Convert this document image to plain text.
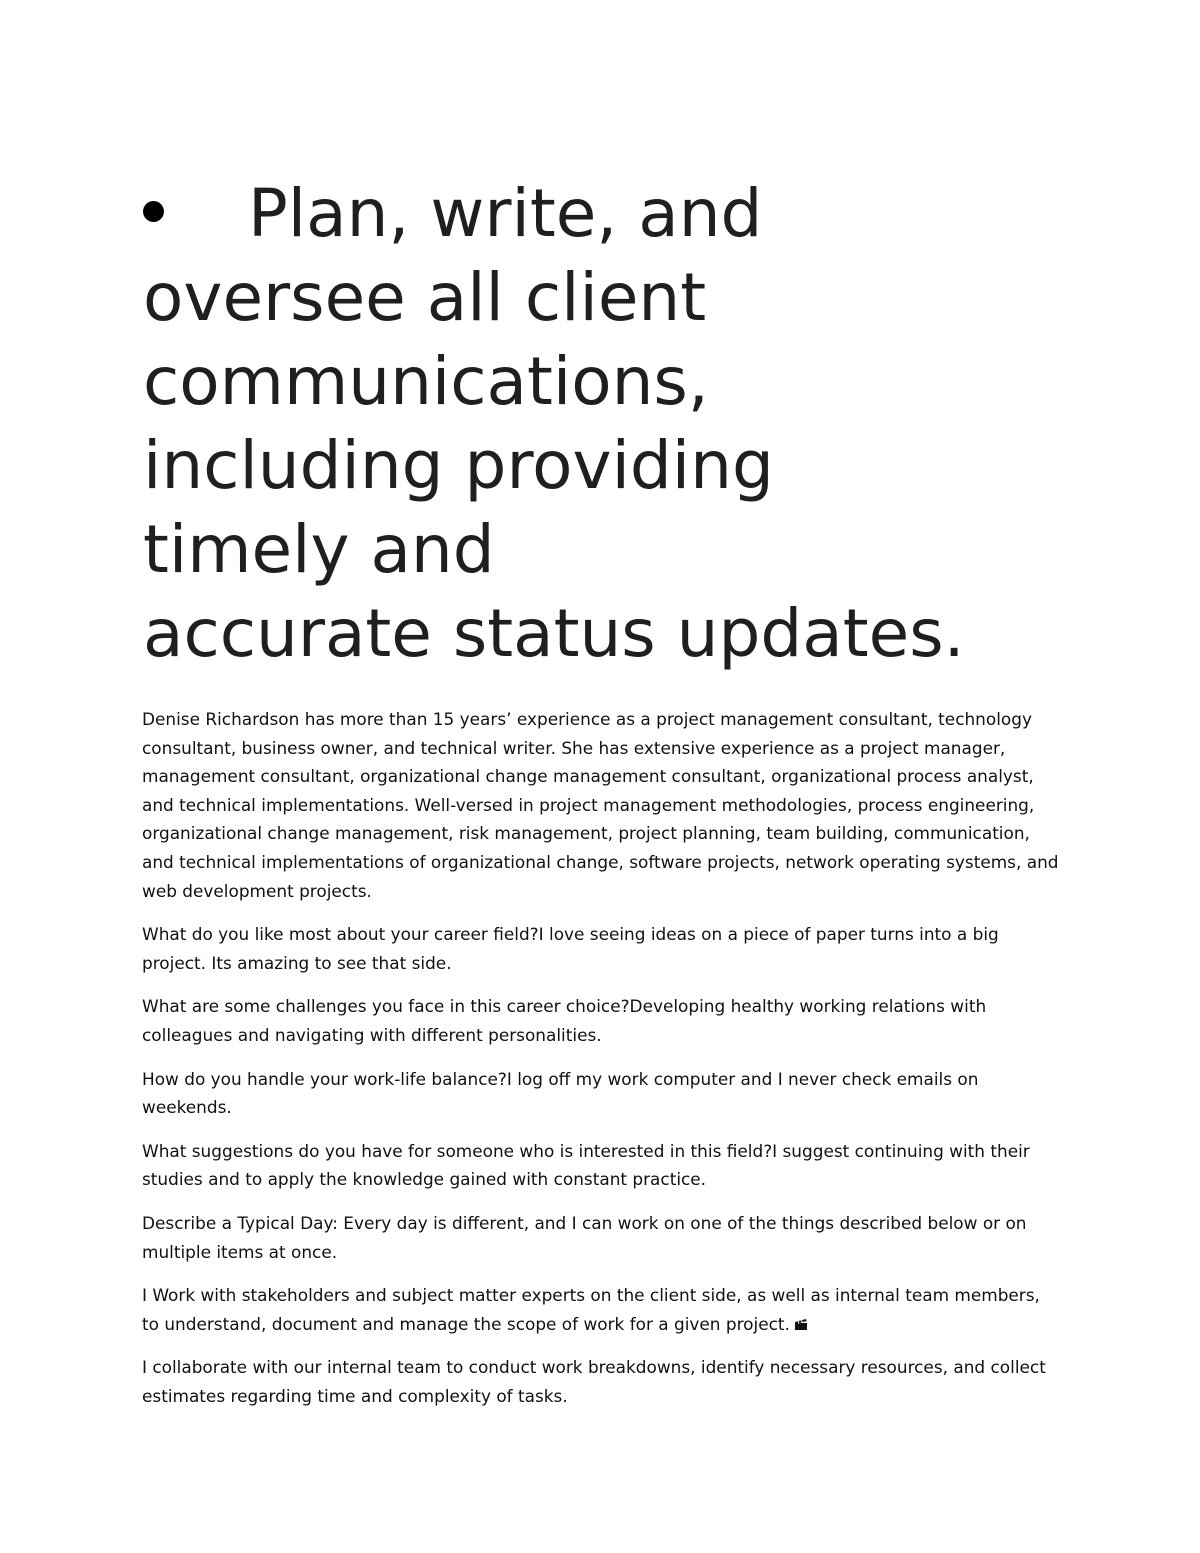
Plan, write, and
oversee all client
communications,
including providing
timely and
accurate status updates.

Denise Richardson has more than 15 years’ experience as a project management consultant, technology consultant, business owner, and technical writer. She has extensive experience as a project manager, management consultant, organizational change management consultant, organizational process analyst, and technical implementations. Well-versed in project management methodologies, process engineering, organizational change management, risk management, project planning, team building, communication, and technical implementations of organizational change, software projects, network operating systems, and web development projects.

What do you like most about your career field?I love seeing ideas on a piece of paper turns into a big project. Its amazing to see that side.

What are some challenges you face in this career choice?Developing healthy working relations with colleagues and navigating with different personalities.

How do you handle your work-life balance?I log off my work computer and I never check emails on weekends.

What suggestions do you have for someone who is interested in this field?I suggest continuing with their studies and to apply the knowledge gained with constant practice.

Describe a Typical Day: Every day is different, and I can work on one of the things described below or on multiple items at once.

I Work with stakeholders and subject matter experts on the client side, as well as internal team members, to understand, document and manage the scope of work for a given project.

I collaborate with our internal team to conduct work breakdowns, identify necessary resources, and collect estimates regarding time and complexity of tasks.
